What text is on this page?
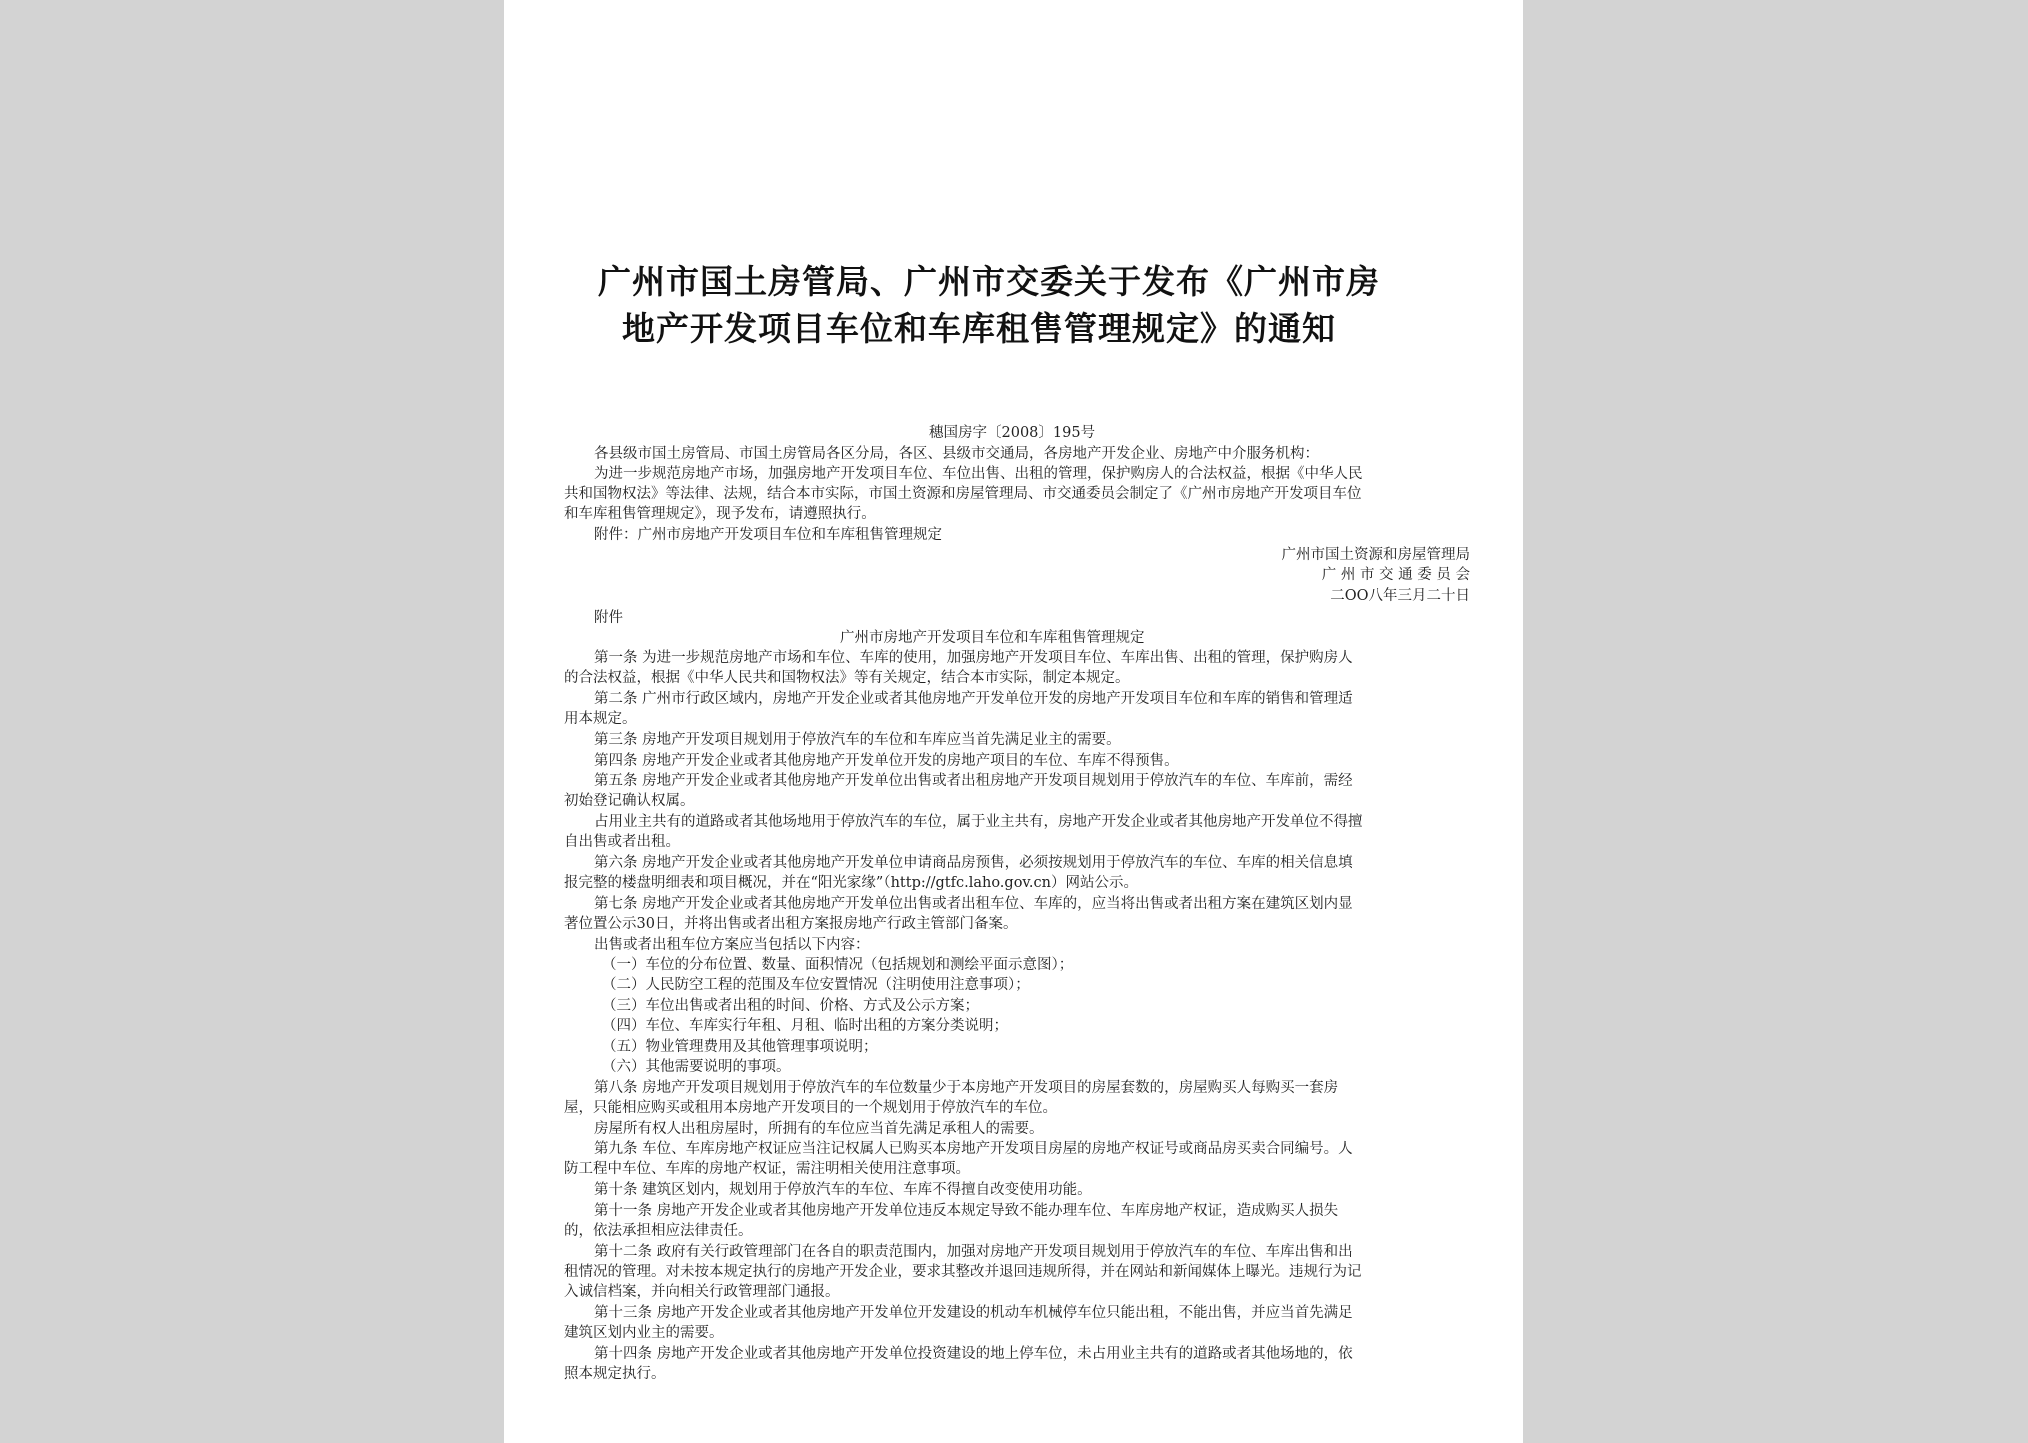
广州市国土房管局、广州市交委关于发布《广州市房
地产开发项目车位和车库租售管理规定》的通知
穗国房字〔2008〕195号
各县级市国土房管局、市国土房管局各区分局，各区、县级市交通局，各房地产开发企业、房地产中介服务机构：
为进一步规范房地产市场，加强房地产开发项目车位、车位出售、出租的管理，保护购房人的合法权益，根据《中华人民
共和国物权法》等法律、法规，结合本市实际，市国土资源和房屋管理局、市交通委员会制定了《广州市房地产开发项目车位
和车库租售管理规定》，现予发布，请遵照执行。
附件：广州市房地产开发项目车位和车库租售管理规定
广州市国土资源和房屋管理局
广 州 市 交 通 委 员 会
二OO八年三月二十日
附件
广州市房地产开发项目车位和车库租售管理规定
第一条 为进一步规范房地产市场和车位、车库的使用，加强房地产开发项目车位、车库出售、出租的管理，保护购房人
的合法权益，根据《中华人民共和国物权法》等有关规定，结合本市实际，制定本规定。
第二条 广州市行政区域内，房地产开发企业或者其他房地产开发单位开发的房地产开发项目车位和车库的销售和管理适
用本规定。
第三条 房地产开发项目规划用于停放汽车的车位和车库应当首先满足业主的需要。
第四条 房地产开发企业或者其他房地产开发单位开发的房地产项目的车位、车库不得预售。
第五条 房地产开发企业或者其他房地产开发单位出售或者出租房地产开发项目规划用于停放汽车的车位、车库前，需经
初始登记确认权属。
占用业主共有的道路或者其他场地用于停放汽车的车位，属于业主共有，房地产开发企业或者其他房地产开发单位不得擅
自出售或者出租。
第六条 房地产开发企业或者其他房地产开发单位申请商品房预售，必须按规划用于停放汽车的车位、车库的相关信息填
报完整的楼盘明细表和项目概况，并在“阳光家缘”（http://gtfc.laho.gov.cn）网站公示。
第七条 房地产开发企业或者其他房地产开发单位出售或者出租车位、车库的，应当将出售或者出租方案在建筑区划内显
著位置公示30日，并将出售或者出租方案报房地产行政主管部门备案。
出售或者出租车位方案应当包括以下内容：
（一）车位的分布位置、数量、面积情况（包括规划和测绘平面示意图）；
（二）人民防空工程的范围及车位安置情况（注明使用注意事项）；
（三）车位出售或者出租的时间、价格、方式及公示方案；
（四）车位、车库实行年租、月租、临时出租的方案分类说明；
（五）物业管理费用及其他管理事项说明；
（六）其他需要说明的事项。
第八条 房地产开发项目规划用于停放汽车的车位数量少于本房地产开发项目的房屋套数的，房屋购买人每购买一套房
屋，只能相应购买或租用本房地产开发项目的一个规划用于停放汽车的车位。
房屋所有权人出租房屋时，所拥有的车位应当首先满足承租人的需要。
第九条 车位、车库房地产权证应当注记权属人已购买本房地产开发项目房屋的房地产权证号或商品房买卖合同编号。人
防工程中车位、车库的房地产权证，需注明相关使用注意事项。
第十条 建筑区划内，规划用于停放汽车的车位、车库不得擅自改变使用功能。
第十一条 房地产开发企业或者其他房地产开发单位违反本规定导致不能办理车位、车库房地产权证，造成购买人损失
的，依法承担相应法律责任。
第十二条 政府有关行政管理部门在各自的职责范围内，加强对房地产开发项目规划用于停放汽车的车位、车库出售和出
租情况的管理。对未按本规定执行的房地产开发企业，要求其整改并退回违规所得，并在网站和新闻媒体上曝光。违规行为记
入诚信档案，并向相关行政管理部门通报。
第十三条 房地产开发企业或者其他房地产开发单位开发建设的机动车机械停车位只能出租，不能出售，并应当首先满足
建筑区划内业主的需要。
第十四条 房地产开发企业或者其他房地产开发单位投资建设的地上停车位，未占用业主共有的道路或者其他场地的，依
照本规定执行。
